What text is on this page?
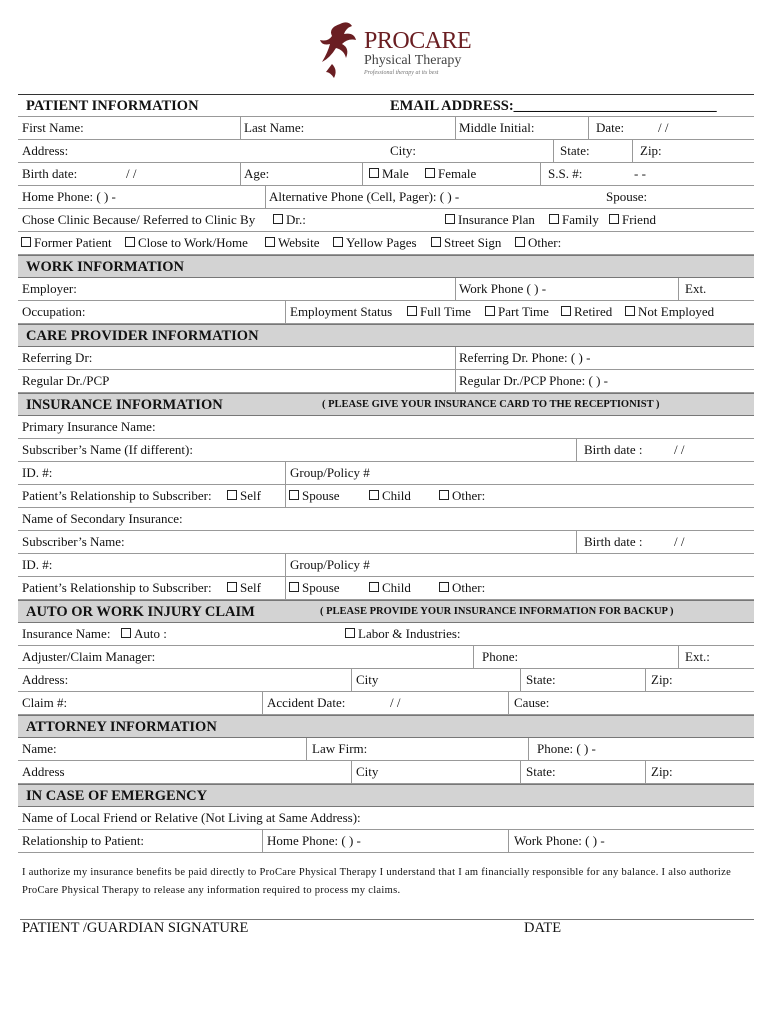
PROCARE
Physical Therapy
Professional therapy at its best
PATIENT INFORMATION	EMAIL ADDRESS:____________________________
First Name:	Last Name:	Middle Initial:	Date:	/ /
Address:	City:	State:	Zip:
Birth date:	/ /	Age:	Male	Female	S.S. #:	- -
Home Phone: ( ) -	Alternative Phone (Cell, Pager): ( ) -	Spouse:
Chose Clinic Because/ Referred to Clinic By	Dr.:	Insurance Plan	Family	Friend
Former Patient	Close to Work/Home	Website	Yellow Pages	Street Sign	Other:
WORK INFORMATION
Employer:	Work Phone ( ) -	Ext.
Occupation:	Employment Status	Full Time	Part Time	Retired	Not Employed
CARE PROVIDER INFORMATION
Referring Dr:	Referring Dr. Phone: ( ) -
Regular Dr./PCP	Regular Dr./PCP Phone: ( ) -
INSURANCE INFORMATION	( PLEASE GIVE YOUR INSURANCE CARD TO THE RECEPTIONIST )
Primary Insurance Name:
Subscriber’s Name (If different):	Birth date : / /
ID. #:	Group/Policy #
Patient’s Relationship to Subscriber:	Self	Spouse	Child	Other:
Name of Secondary Insurance:
Subscriber’s Name:	Birth date : / /
ID. #:	Group/Policy #
Patient’s Relationship to Subscriber:	Self	Spouse	Child	Other:
AUTO OR WORK INJURY CLAIM	( PLEASE PROVIDE YOUR INSURANCE INFORMATION FOR BACKUP )
Insurance Name:	Auto :	Labor & Industries:
Adjuster/Claim Manager:	Phone:	Ext.:
Address:	City	State:	Zip:
Claim #:	Accident Date:	/ /	Cause:
ATTORNEY INFORMATION
Name:	Law Firm:	Phone: ( ) -
Address	City	State:	Zip:
IN CASE OF EMERGENCY
Name of Local Friend or Relative (Not Living at Same Address):
Relationship to Patient:	Home Phone: ( ) -	Work Phone: ( ) -
I authorize my insurance benefits be paid directly to ProCare Physical Therapy I understand that I am financially responsible for any balance. I also authorize ProCare Physical Therapy to release any information required to process my claims.
PATIENT /GUARDIAN SIGNATURE	DATE
